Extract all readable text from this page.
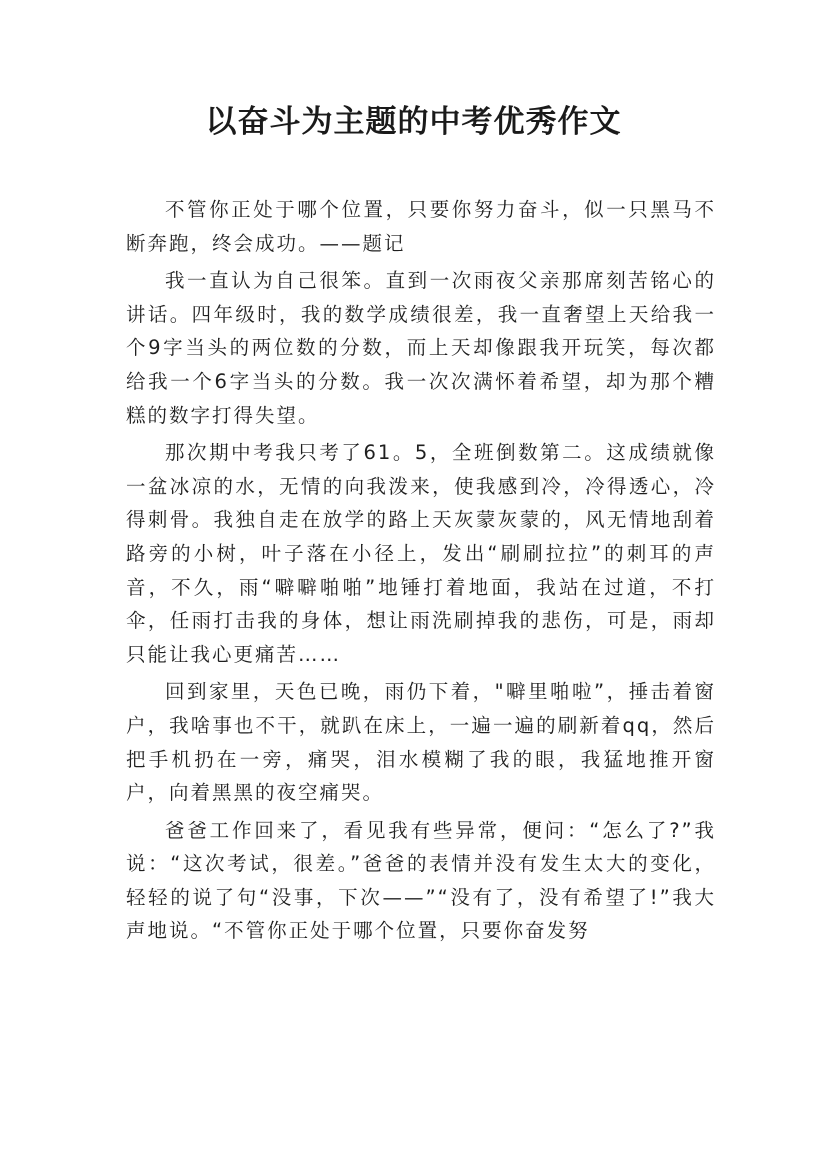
以奋斗为主题的中考优秀作文

不管你正处于哪个位置，只要你努力奋斗，似一只黑马不断奔跑，终会成功。——题记

我一直认为自己很笨。直到一次雨夜父亲那席刻苦铭心的讲话。四年级时，我的数学成绩很差，我一直奢望上天给我一个9字当头的两位数的分数，而上天却像跟我开玩笑，每次都给我一个6字当头的分数。我一次次满怀着希望，却为那个糟糕的数字打得失望。

那次期中考我只考了61。5，全班倒数第二。这成绩就像一盆冰凉的水，无情的向我泼来，使我感到冷，冷得透心，冷得刺骨。我独自走在放学的路上天灰蒙灰蒙的，风无情地刮着路旁的小树，叶子落在小径上，发出“刷刷拉拉”的刺耳的声音，不久，雨“噼噼啪啪”地锤打着地面，我站在过道，不打伞，任雨打击我的身体，想让雨洗刷掉我的悲伤，可是，雨却只能让我心更痛苦……

回到家里，天色已晚，雨仍下着，"噼里啪啦”，捶击着窗户，我啥事也不干，就趴在床上，一遍一遍的刷新着qq，然后把手机扔在一旁，痛哭，泪水模糊了我的眼，我猛地推开窗户，向着黑黑的夜空痛哭。

爸爸工作回来了，看见我有些异常，便问：“怎么了?”我说：“这次考试，很差。”爸爸的表情并没有发生太大的变化，轻轻的说了句“没事，下次——”“没有了，没有希望了!”我大声地说。“不管你正处于哪个位置，只要你奋发努
